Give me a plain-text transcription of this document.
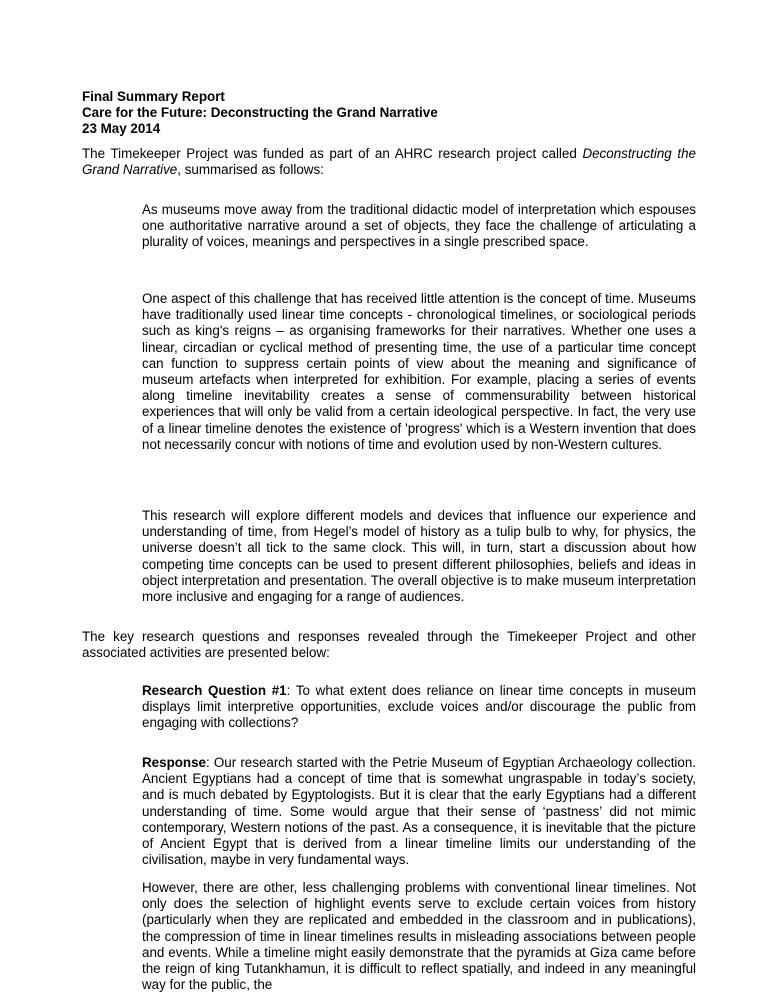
Final Summary Report
Care for the Future: Deconstructing the Grand Narrative
23 May 2014

The Timekeeper Project was funded as part of an AHRC research project called Deconstructing the Grand Narrative, summarised as follows:

As museums move away from the traditional didactic model of interpretation which espouses one authoritative narrative around a set of objects, they face the challenge of articulating a plurality of voices, meanings and perspectives in a single prescribed space.

One aspect of this challenge that has received little attention is the concept of time. Museums have traditionally used linear time concepts - chronological timelines, or sociological periods such as king's reigns – as organising frameworks for their narratives. Whether one uses a linear, circadian or cyclical method of presenting time, the use of a particular time concept can function to suppress certain points of view about the meaning and significance of museum artefacts when interpreted for exhibition. For example, placing a series of events along timeline inevitability creates a sense of commensurability between historical experiences that will only be valid from a certain ideological perspective. In fact, the very use of a linear timeline denotes the existence of 'progress' which is a Western invention that does not necessarily concur with notions of time and evolution used by non-Western cultures.

This research will explore different models and devices that influence our experience and understanding of time, from Hegel’s model of history as a tulip bulb to why, for physics, the universe doesn’t all tick to the same clock. This will, in turn, start a discussion about how competing time concepts can be used to present different philosophies, beliefs and ideas in object interpretation and presentation. The overall objective is to make museum interpretation more inclusive and engaging for a range of audiences.

The key research questions and responses revealed through the Timekeeper Project and other associated activities are presented below:

Research Question #1: To what extent does reliance on linear time concepts in museum displays limit interpretive opportunities, exclude voices and/or discourage the public from engaging with collections?

Response: Our research started with the Petrie Museum of Egyptian Archaeology collection. Ancient Egyptians had a concept of time that is somewhat ungraspable in today’s society, and is much debated by Egyptologists. But it is clear that the early Egyptians had a different understanding of time. Some would argue that their sense of ‘pastness’ did not mimic contemporary, Western notions of the past. As a consequence, it is inevitable that the picture of Ancient Egypt that is derived from a linear timeline limits our understanding of the civilisation, maybe in very fundamental ways.

However, there are other, less challenging problems with conventional linear timelines. Not only does the selection of highlight events serve to exclude certain voices from history (particularly when they are replicated and embedded in the classroom and in publications), the compression of time in linear timelines results in misleading associations between people and events. While a timeline might easily demonstrate that the pyramids at Giza came before the reign of king Tutankhamun, it is difficult to reflect spatially, and indeed in any meaningful way for the public, the
